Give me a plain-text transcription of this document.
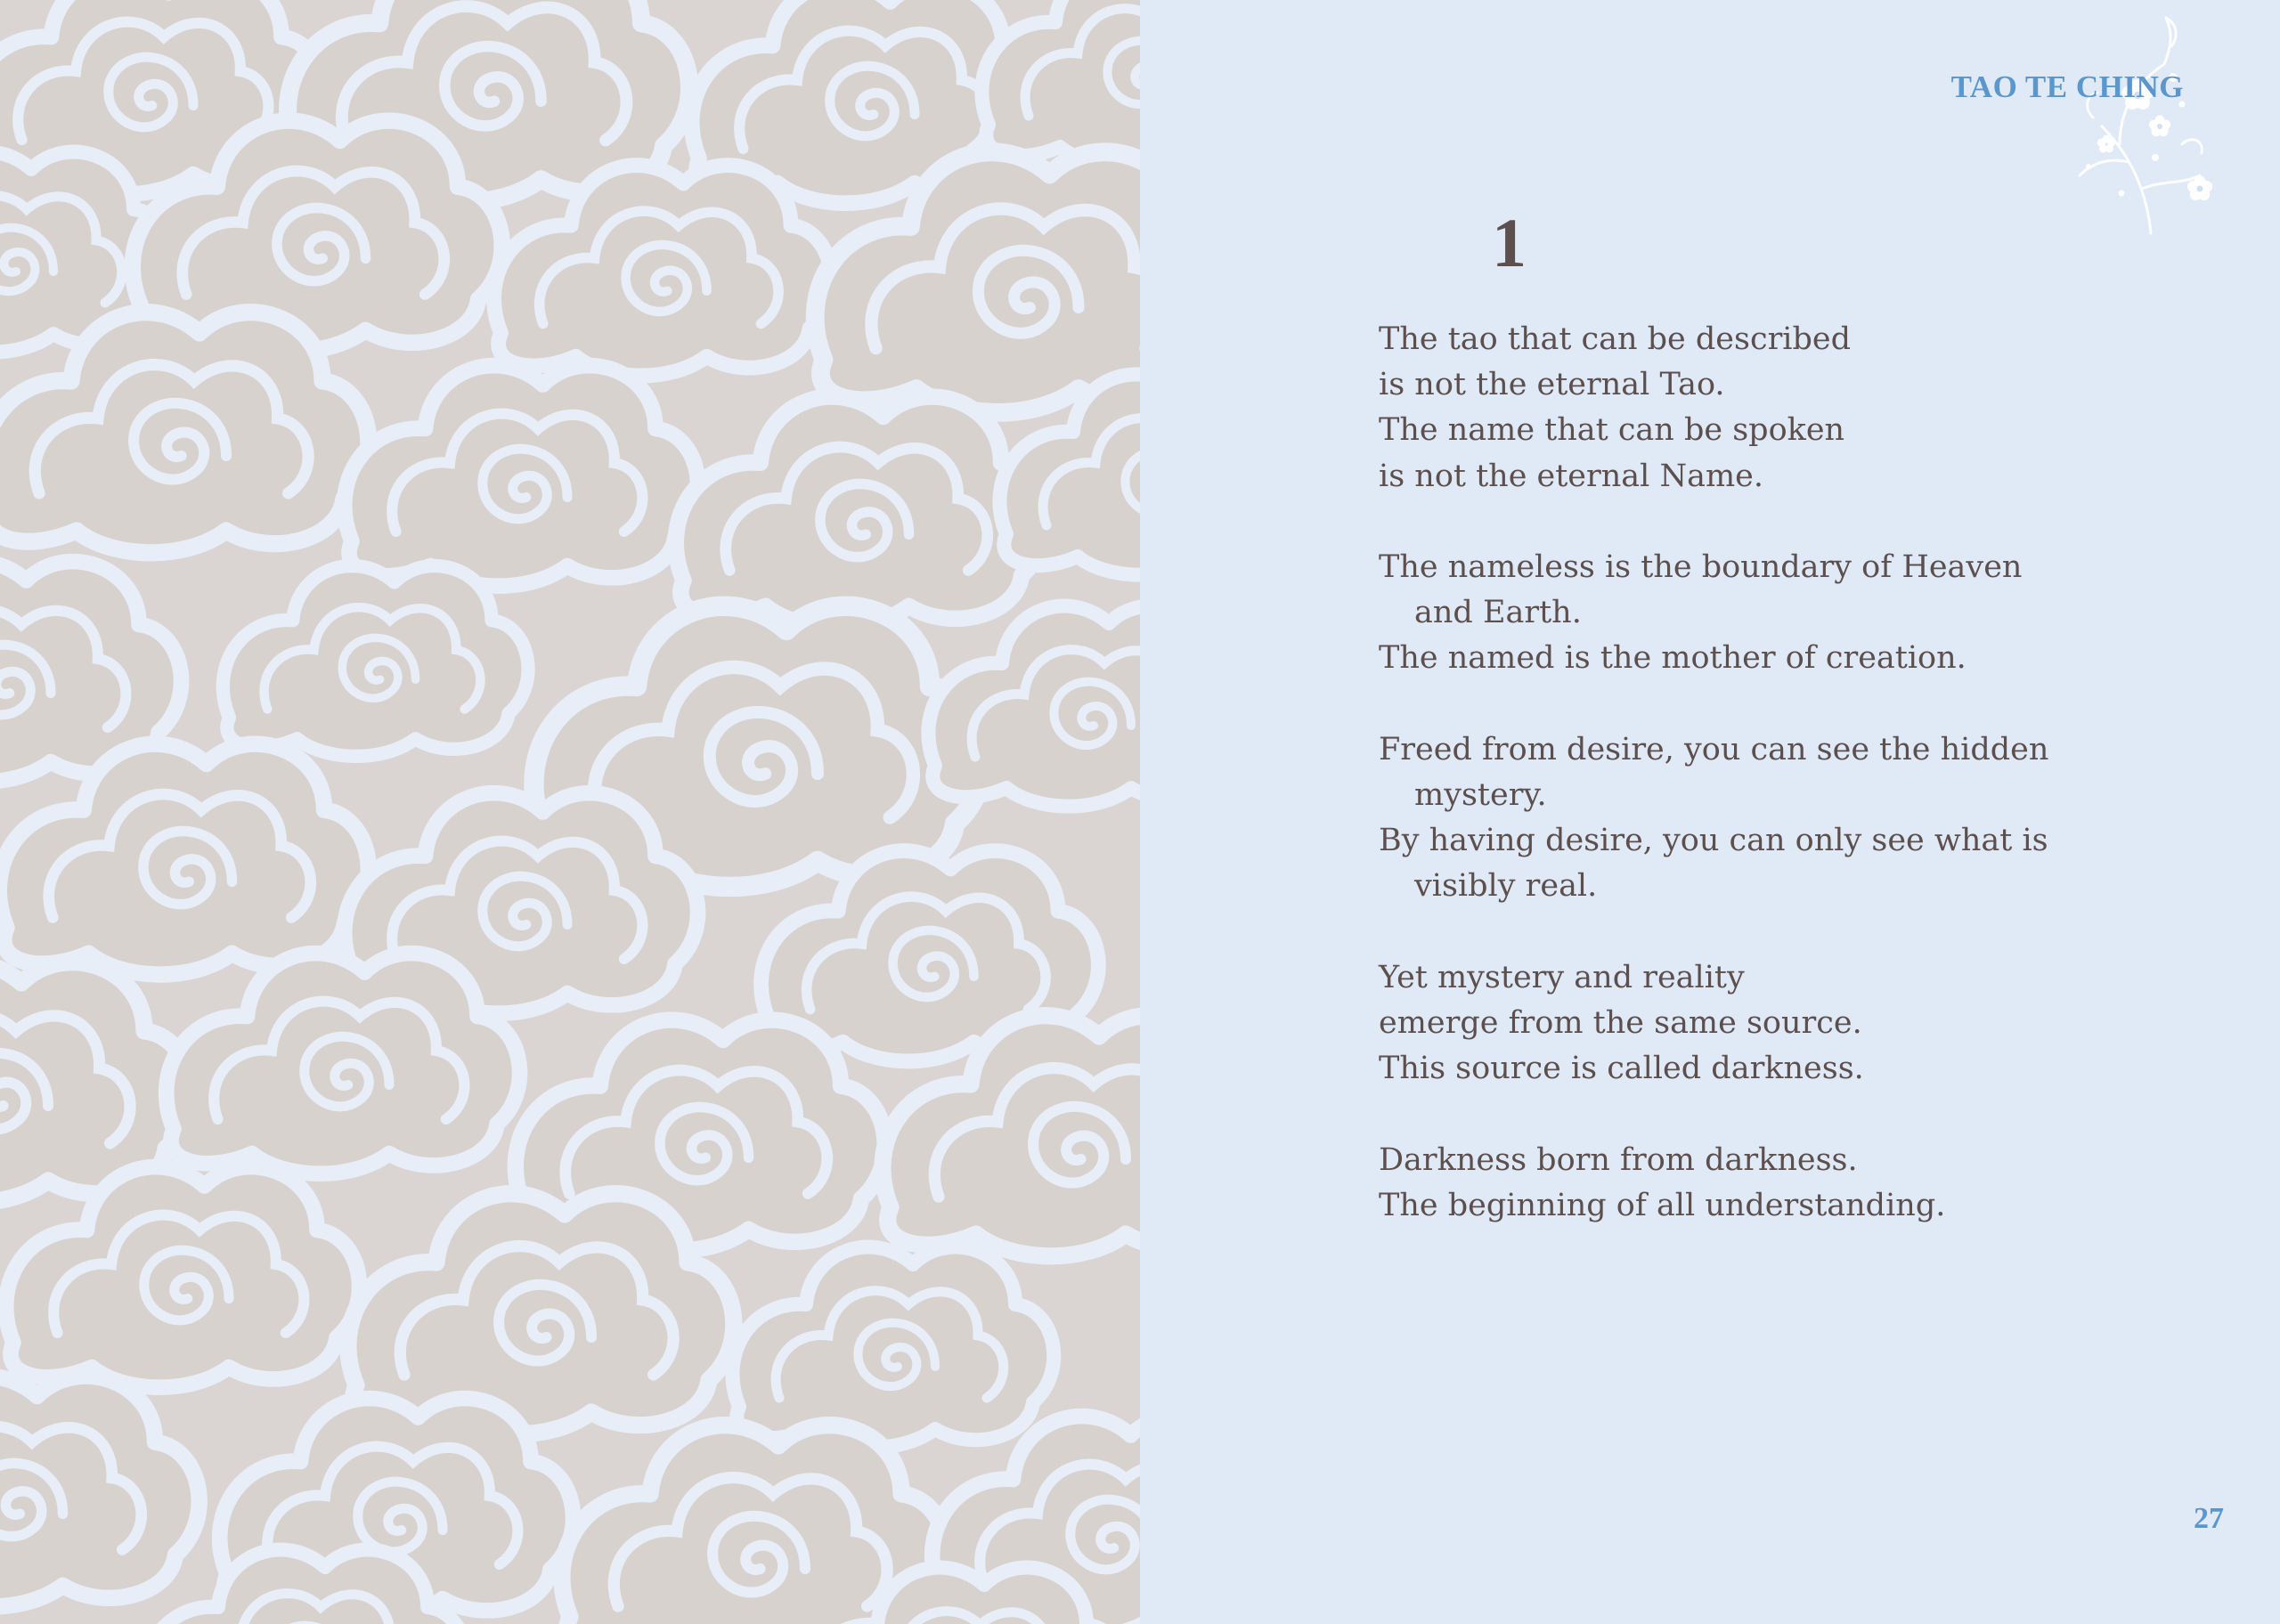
TAO TE CHING
1
The tao that can be described
is not the eternal Tao.
The name that can be spoken
is not the eternal Name.
The nameless is the boundary of Heaven
and Earth.
The named is the mother of creation.
Freed from desire, you can see the hidden
mystery.
By having desire, you can only see what is
visibly real.
Yet mystery and reality
emerge from the same source.
This source is called darkness.
Darkness born from darkness.
The beginning of all understanding.
27
